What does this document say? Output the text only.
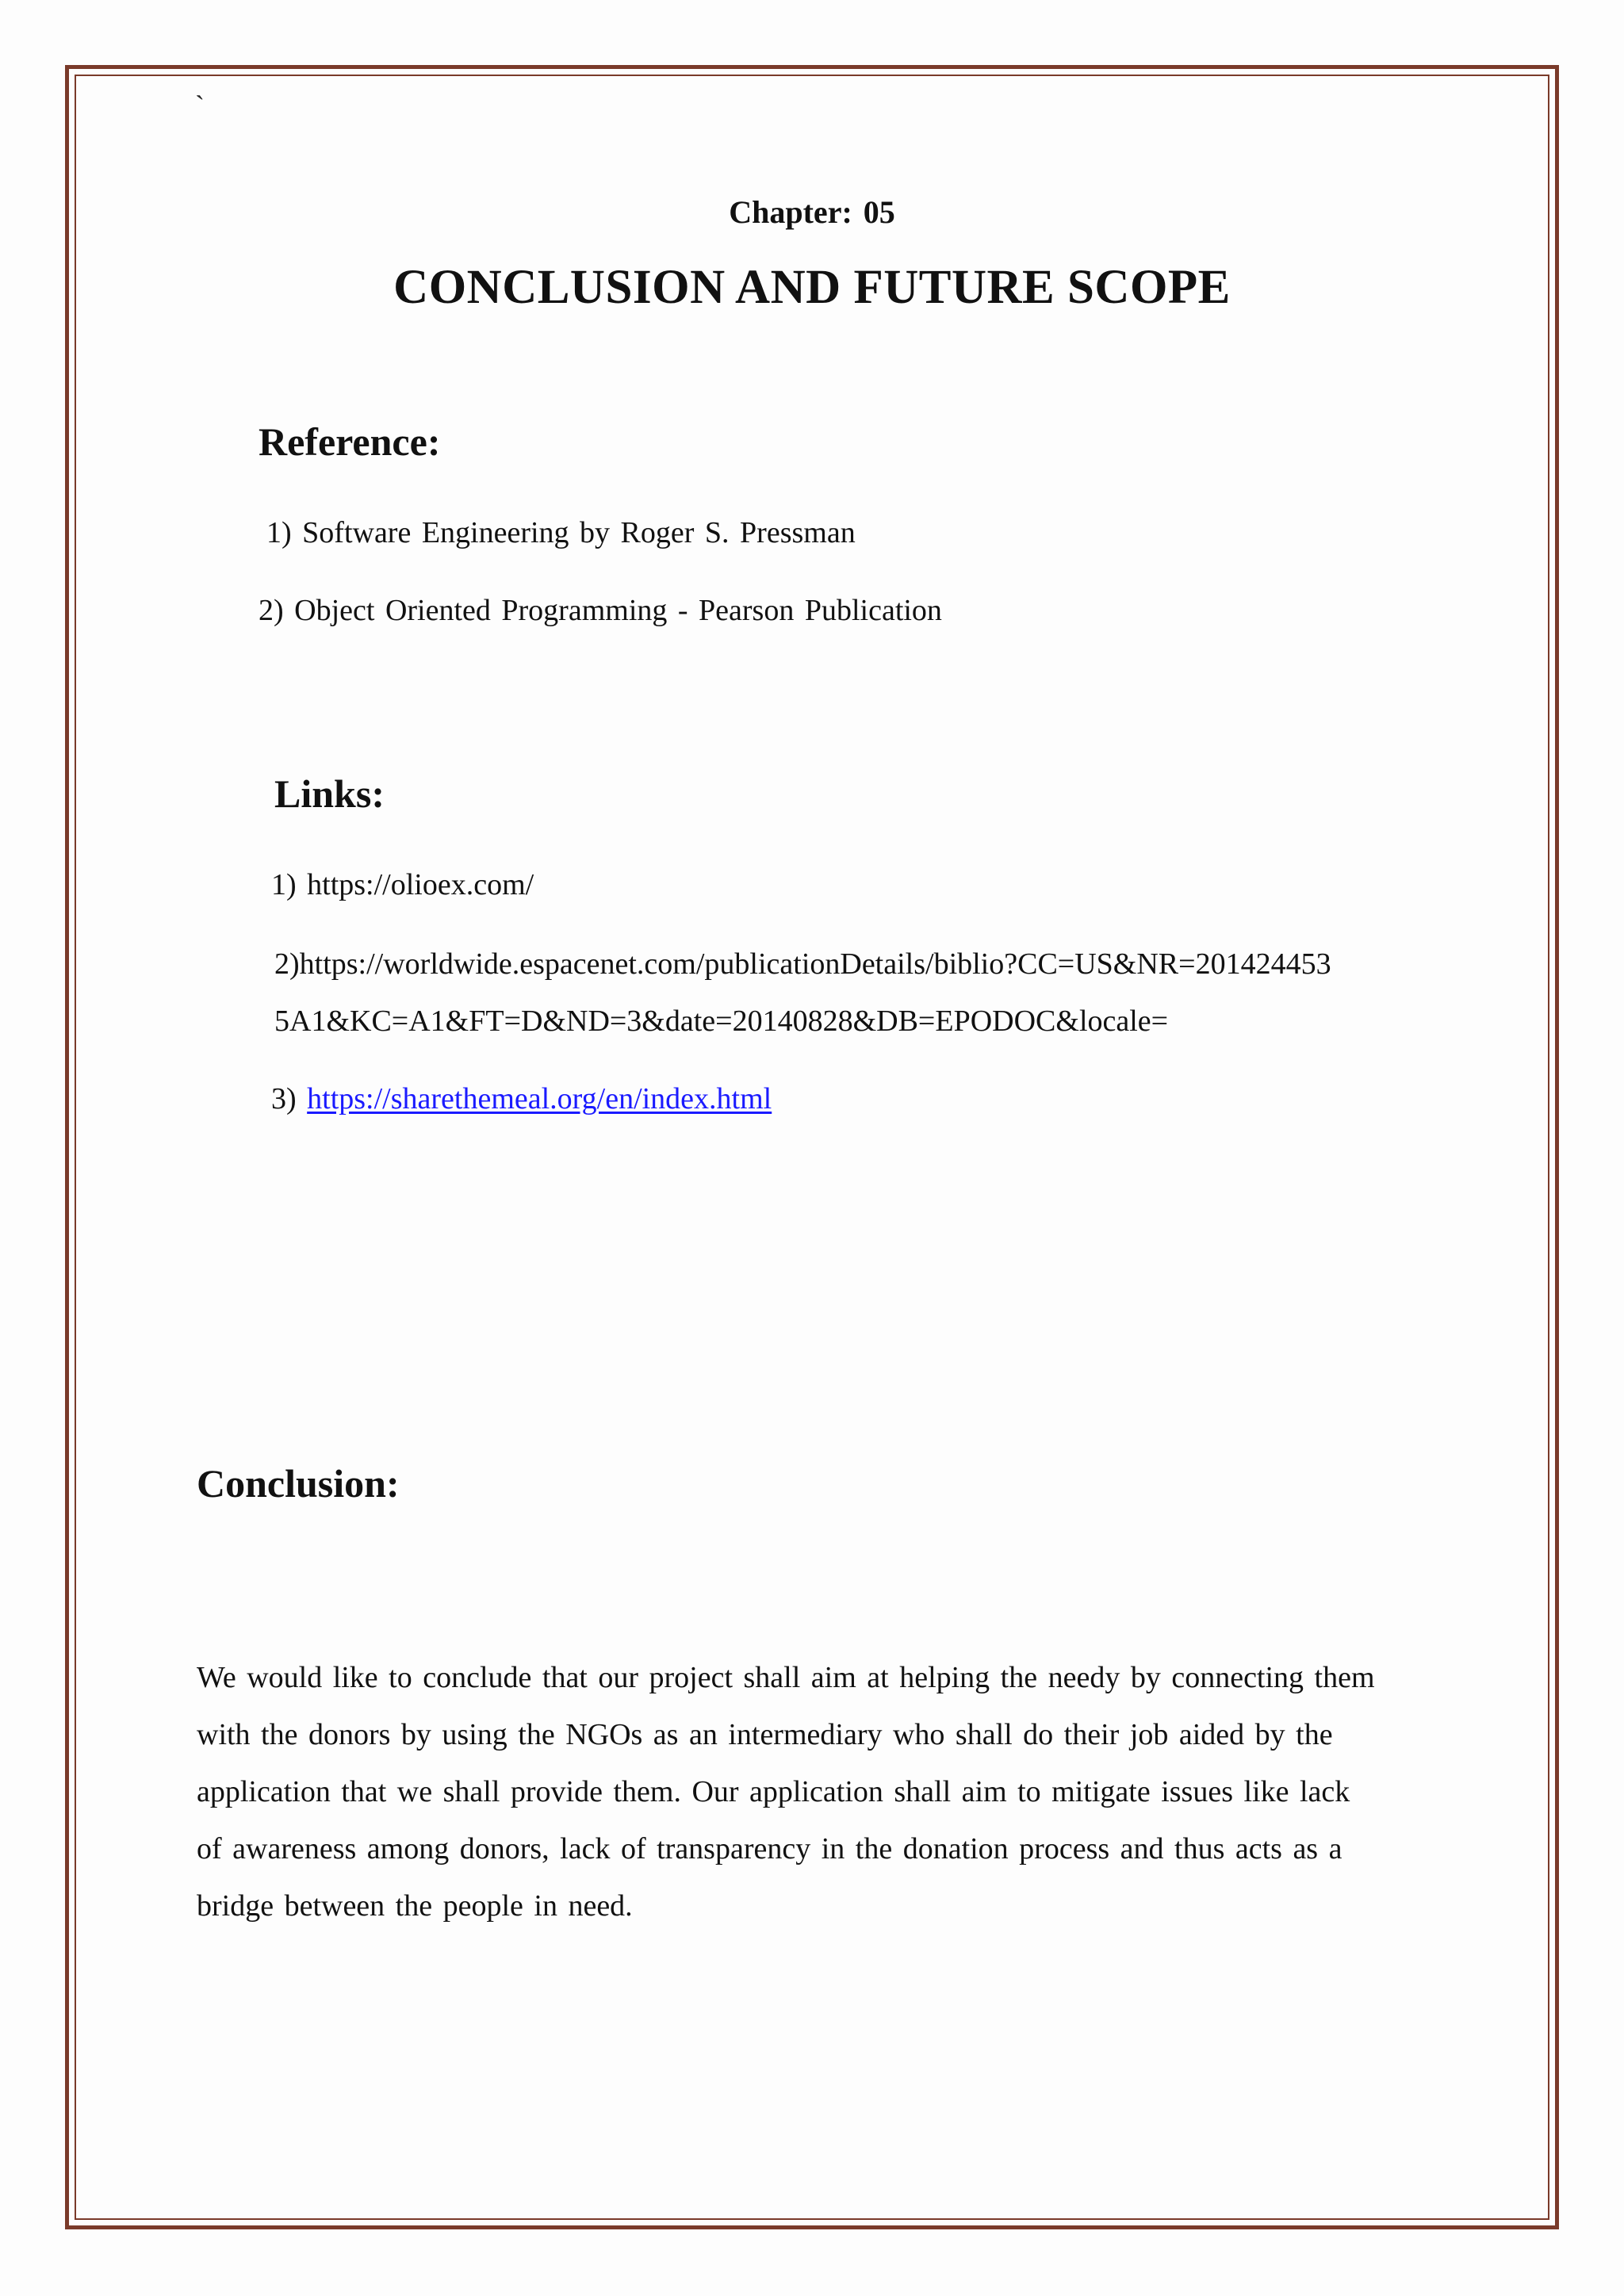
`
Chapter: 05
CONCLUSION AND FUTURE SCOPE
Reference:
1) Software Engineering by Roger S. Pressman
2) Object Oriented Programming - Pearson Publication
Links:
1) https://olioex.com/
2)https://worldwide.espacenet.com/publicationDetails/biblio?CC=US&NR=201424453
5A1&KC=A1&FT=D&ND=3&date=20140828&DB=EPODOC&locale=
3) https://sharethemeal.org/en/index.html
Conclusion:
We would like to conclude that our project shall aim at helping the needy by connecting them
with the donors by using the NGOs as an intermediary who shall do their job aided by the
application that we shall provide them. Our application shall aim to mitigate issues like lack
of awareness among donors, lack of transparency in the donation process and thus acts as a
bridge between the people in need.
